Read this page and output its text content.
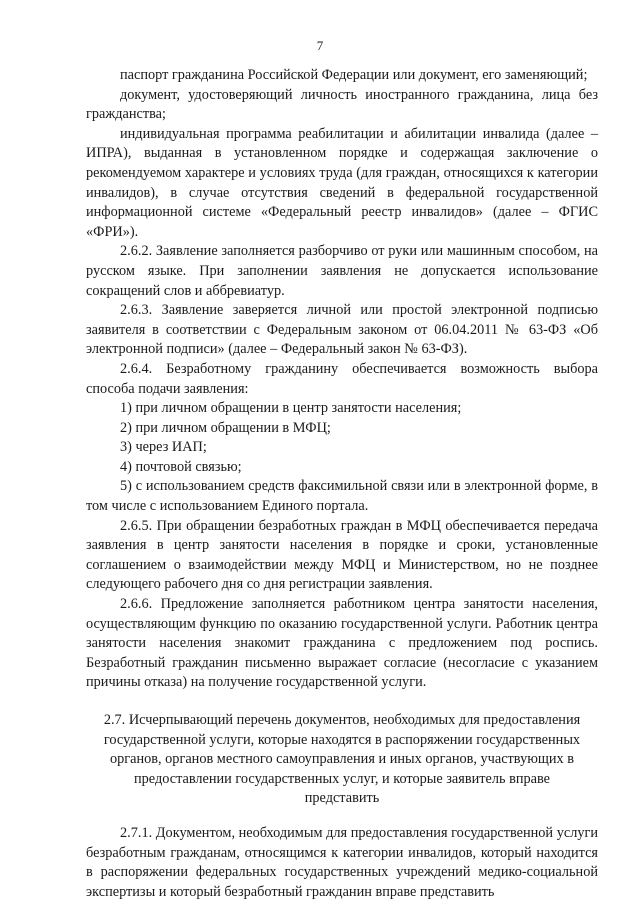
7

паспорт гражданина Российской Федерации или документ, его заменяющий;

документ, удостоверяющий личность иностранного гражданина, лица без гражданства;

индивидуальная программа реабилитации и абилитации инвалида (далее – ИПРА), выданная в установленном порядке и содержащая заключение о рекомендуемом характере и условиях труда (для граждан, относящихся к категории инвалидов), в случае отсутствия сведений в федеральной государственной информационной системе «Федеральный реестр инвалидов» (далее – ФГИС «ФРИ»).

2.6.2. Заявление заполняется разборчиво от руки или машинным способом, на русском языке. При заполнении заявления не допускается использование сокращений слов и аббревиатур.

2.6.3. Заявление заверяется личной или простой электронной подписью заявителя в соответствии с Федеральным законом от 06.04.2011 № 63-ФЗ «Об электронной подписи» (далее – Федеральный закон № 63-ФЗ).

2.6.4. Безработному гражданину обеспечивается возможность выбора способа подачи заявления:

1) при личном обращении в центр занятости населения;

2) при личном обращении в МФЦ;

3) через ИАП;

4) почтовой связью;

5) с использованием средств факсимильной связи или в электронной форме, в том числе с использованием Единого портала.

2.6.5. При обращении безработных граждан в МФЦ обеспечивается передача заявления в центр занятости населения в порядке и сроки, установленные соглашением о взаимодействии между МФЦ и Министерством, но не позднее следующего рабочего дня со дня регистрации заявления.

2.6.6. Предложение заполняется работником центра занятости населения, осуществляющим функцию по оказанию государственной услуги. Работник центра занятости населения знакомит гражданина с предложением под роспись. Безработный гражданин письменно выражает согласие (несогласие с указанием причины отказа) на получение государственной услуги.

2.7. Исчерпывающий перечень документов, необходимых для предоставления
государственной услуги, которые находятся в распоряжении государственных
органов, органов местного самоуправления и иных органов, участвующих в
предоставлении государственных услуг, и которые заявитель вправе
представить

2.7.1. Документом, необходимым для предоставления государственной услуги безработным гражданам, относящимся к категории инвалидов, который находится в распоряжении федеральных государственных учреждений медико-социальной экспертизы и который безработный гражданин вправе представить
